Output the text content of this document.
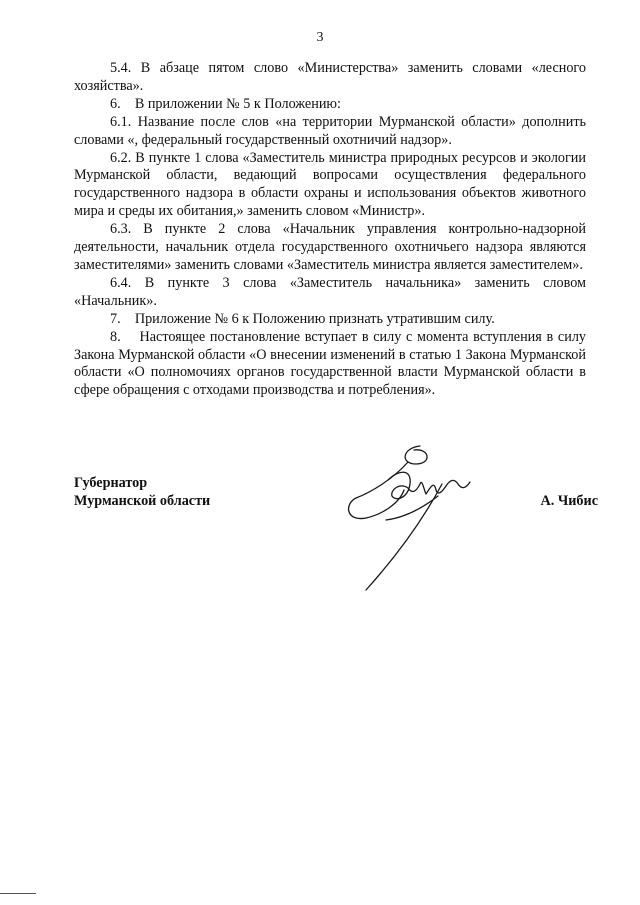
3

5.4. В абзаце пятом слово «Министерства» заменить словами «лесного хозяйства».

6.    В приложении № 5 к Положению:

6.1. Название после слов «на территории Мурманской области» дополнить словами «, федеральный государственный охотничий надзор».

6.2. В пункте 1 слова «Заместитель министра природных ресурсов и экологии Мурманской области, ведающий вопросами осуществления федерального государственного надзора в области охраны и использования объектов животного мира и среды их обитания,» заменить словом «Министр».

6.3. В пункте 2 слова «Начальник управления контрольно-надзорной деятельности, начальник отдела государственного охотничьего надзора являются заместителями» заменить словами «Заместитель министра является заместителем».

6.4. В пункте 3 слова «Заместитель начальника» заменить словом «Начальник».

7.    Приложение № 6 к Положению признать утратившим силу.

8.    Настоящее постановление вступает в силу с момента вступления в силу Закона Мурманской области «О внесении изменений в статью 1 Закона Мурманской области «О полномочиях органов государственной власти Мурманской области в сфере обращения с отходами производства и потребления».

Губернатор
Мурманской области	А. Чибис
